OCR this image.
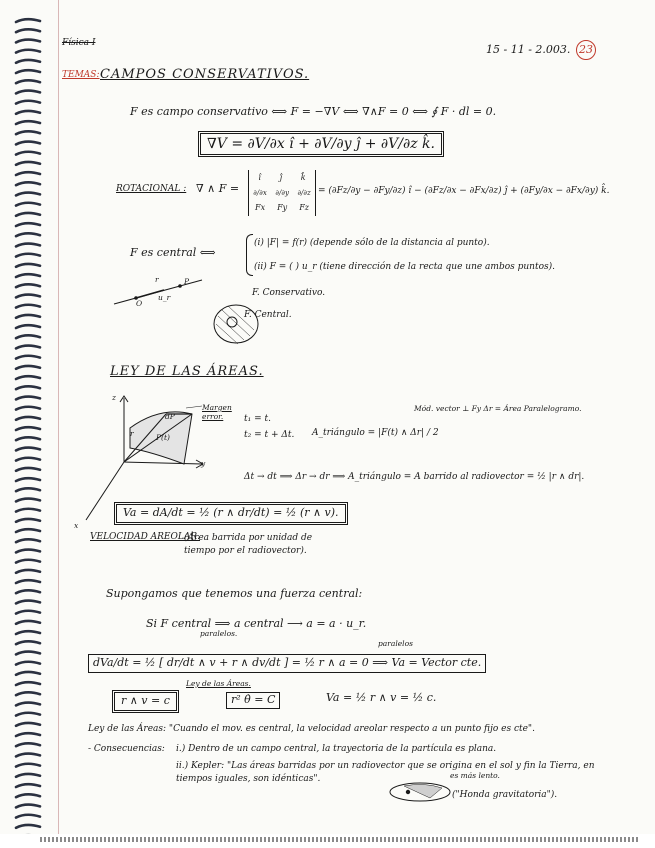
Física I	15 - 11 - 2.003. 23
TEMAS: CAMPOS CONSERVATIVOS.
F es campo conservativo ⟺ F = −∇V ⟺ ∇∧F = 0 ⟺ ∮ F · dl = 0.
∇V = ∂V/∂x î + ∂V/∂y ĵ + ∂V/∂z k̂.
ROTACIONAL : ∇ ∧ F =
î ĵ k̂
∂/∂x ∂/∂y ∂/∂z
Fx Fy Fz
= (∂Fz/∂y − ∂Fy/∂z) î − (∂Fz/∂x − ∂Fx/∂z) ĵ + (∂Fy/∂x − ∂Fx/∂y) k̂.
F es central ⟺
(i) |F| = f(r) (depende sólo de la distancia al punto).
(ii) F = ( ) u_r (tiene dirección de la recta que une ambos puntos).
r	P
O
u_r	F. Conservativo.
F. Central.
LEY DE LAS ÁREAS.
z
y
x
dP
Margen error.
r	P(t)
t₁ = t.
t₂ = t + Δt. A_triángulo = |F(t) ∧ Δr| / 2
Mód. vector ⊥ Fy Δr = Área Paralelogramo.
Δt → dt ⟹ Δr → dr ⟹ A_triángulo = A barrido al radiovector = ½ |r ∧ dr|.
Va = dA/dt = ½ (r ∧ dr/dt) = ½ (r ∧ v).
VELOCIDAD AREOLAR.
(Área barrida por unidad de tiempo por el radiovector).
Supongamos que tenemos una fuerza central:
Si F central ⟹ a central ⟶ a = a · u_r.
paralelos.
paralelos
dVa/dt = ½ [ dr/dt ∧ v + r ∧ dv/dt ] = ½ r ∧ a = 0 ⟹ Va = Vector cte.
Ley de las Áreas.
r ∧ v = c	r² θ̇ = C	Va = ½ r ∧ v = ½ c.
Ley de las Áreas: "Cuando el mov. es central, la velocidad areolar respecto a un punto fijo es cte".
- Consecuencias: i.) Dentro de un campo central, la trayectoria de la partícula es plana.
ii.) Kepler: "Las áreas barridas por un radiovector que se origina en el sol y fin la Tierra, en tiempos iguales, son idénticas".	es más lento.
("Honda gravitatoria").
